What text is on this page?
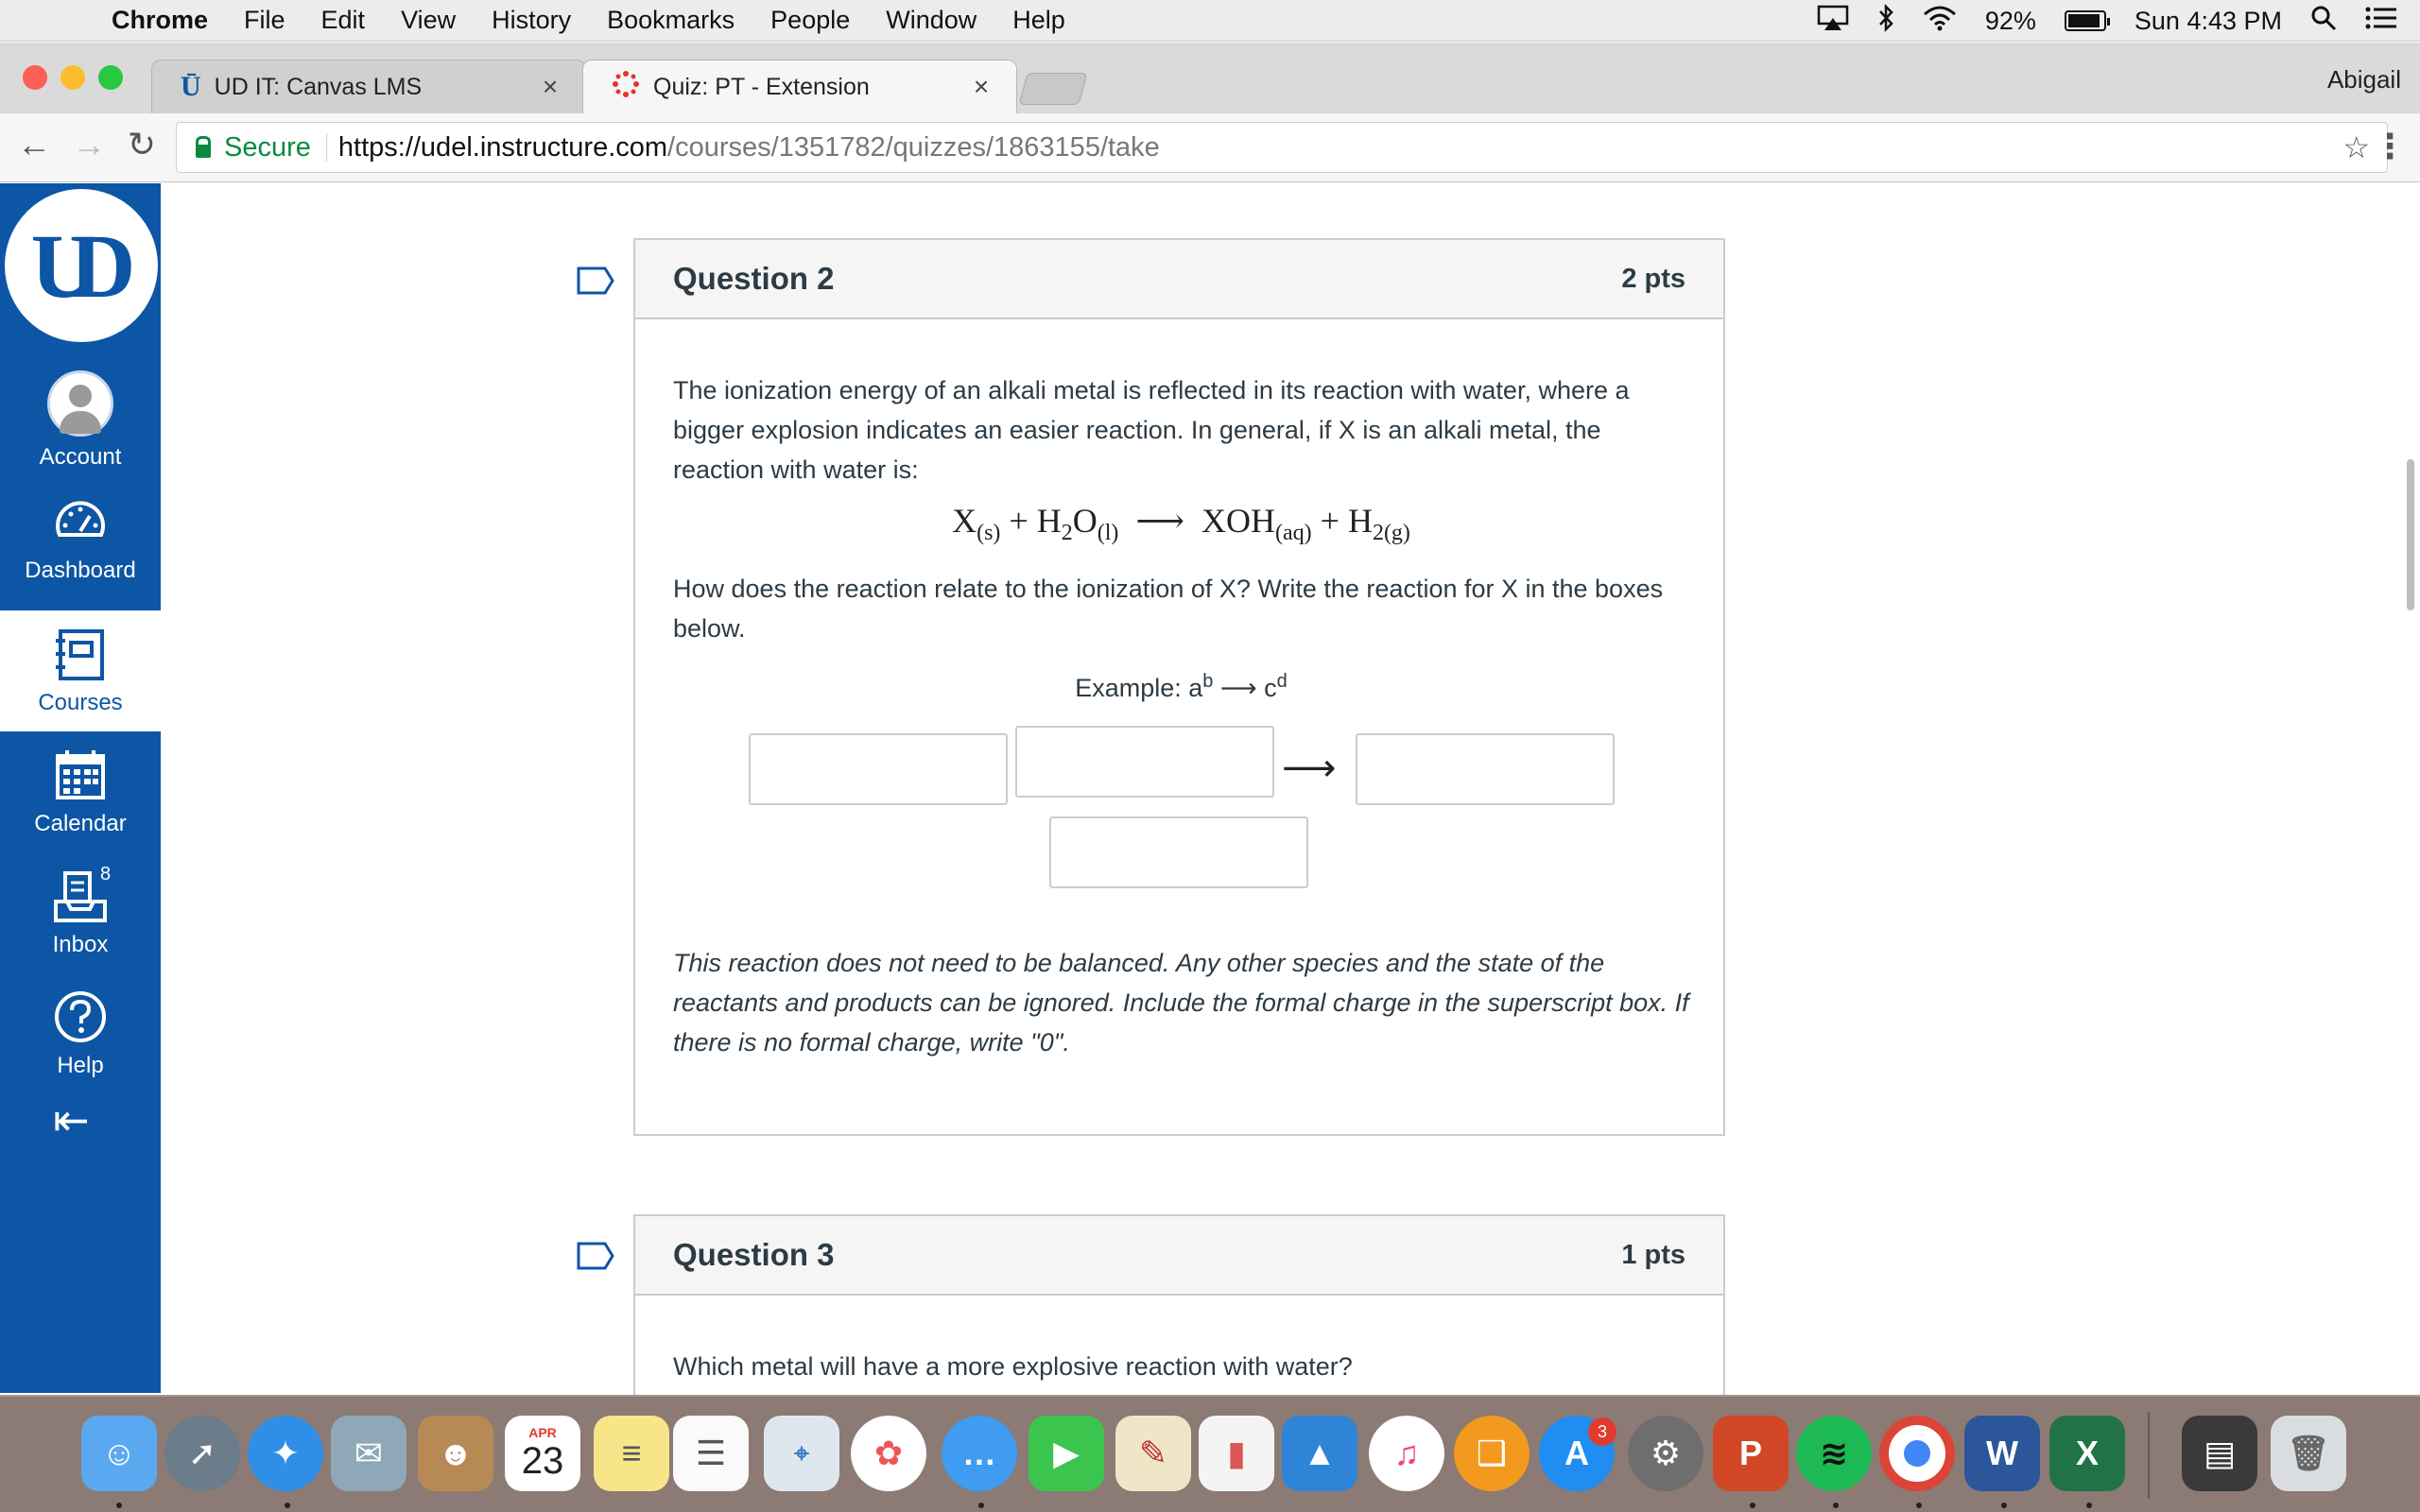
Chrome File Edit View History Bookmarks People Window Help	92%	Sun 4:43 PM
Ū UD IT: Canvas LMS	×	Quiz: PT - Extension	×	Abigail
← → ↻ Secure https://udel.instructure.com /courses/1351782/quizzes/1863155/take	☆ ⋮
UD
Account
Dashboard
Courses
Calendar
8
Inbox
Help
⇤
Question 2	2 pts

The ionization energy of an alkali metal is reflected in its reaction with water, where a bigger explosion indicates an easier reaction. In general, if X is an alkali metal, the reaction with water is:

$X_{(s)} + H_2O_{(l)}$ ⟶ $XOH_{(aq)} + H_{2(g)}$

How does the reaction relate to the ionization of X? Write the reaction for X in the boxes below.

Example: $a^b$ ⟶ $c^d$
⟶

This reaction does not need to be balanced. Any other species and the state of the reactants and products can be ignored. Include the formal charge in the superscript box. If there is no formal charge, write "0".

Question 3	1 pts

Which metal will have a more explosive reaction with water?

☺	➚	✦	✉	☻
APR
23	≡	☰	⌖	✿	…	▶	✎	▮	▲	♫	❑	A
3
⚙	P	≋	W	X	▤	🗑
